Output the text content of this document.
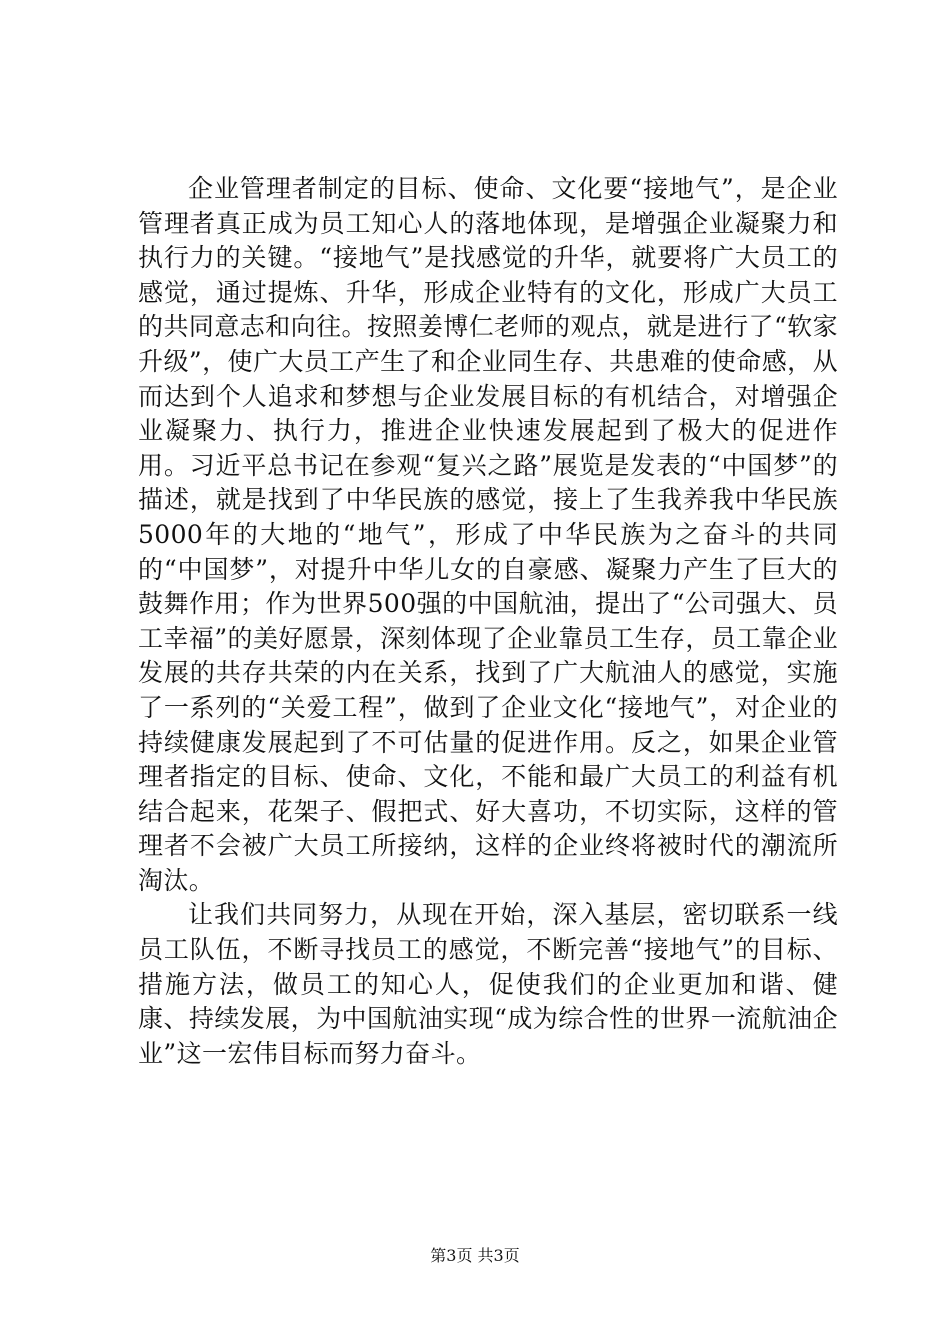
企业管理者制定的目标、使命、文化要“接地气”，是企业管理者真正成为员工知心人的落地体现，是增强企业凝聚力和执行力的关键。“接地气”是找感觉的升华，就要将广大员工的感觉，通过提炼、升华，形成企业特有的文化，形成广大员工的共同意志和向往。按照姜博仁老师的观点，就是进行了“软家升级”，使广大员工产生了和企业同生存、共患难的使命感，从而达到个人追求和梦想与企业发展目标的有机结合，对增强企业凝聚力、执行力，推进企业快速发展起到了极大的促进作用。习近平总书记在参观“复兴之路”展览是发表的“中国梦”的描述，就是找到了中华民族的感觉，接上了生我养我中华民族5000年的大地的“地气”，形成了中华民族为之奋斗的共同的“中国梦”，对提升中华儿女的自豪感、凝聚力产生了巨大的鼓舞作用；作为世界500强的中国航油，提出了“公司强大、员工幸福”的美好愿景，深刻体现了企业靠员工生存，员工靠企业发展的共存共荣的内在关系，找到了广大航油人的感觉，实施了一系列的“关爱工程”，做到了企业文化“接地气”，对企业的持续健康发展起到了不可估量的促进作用。反之，如果企业管理者指定的目标、使命、文化，不能和最广大员工的利益有机结合起来，花架子、假把式、好大喜功，不切实际，这样的管理者不会被广大员工所接纳，这样的企业终将被时代的潮流所淘汰。

让我们共同努力，从现在开始，深入基层，密切联系一线员工队伍，不断寻找员工的感觉，不断完善“接地气”的目标、措施方法，做员工的知心人，促使我们的企业更加和谐、健康、持续发展，为中国航油实现“成为综合性的世界一流航油企业”这一宏伟目标而努力奋斗。

第3页 共3页
